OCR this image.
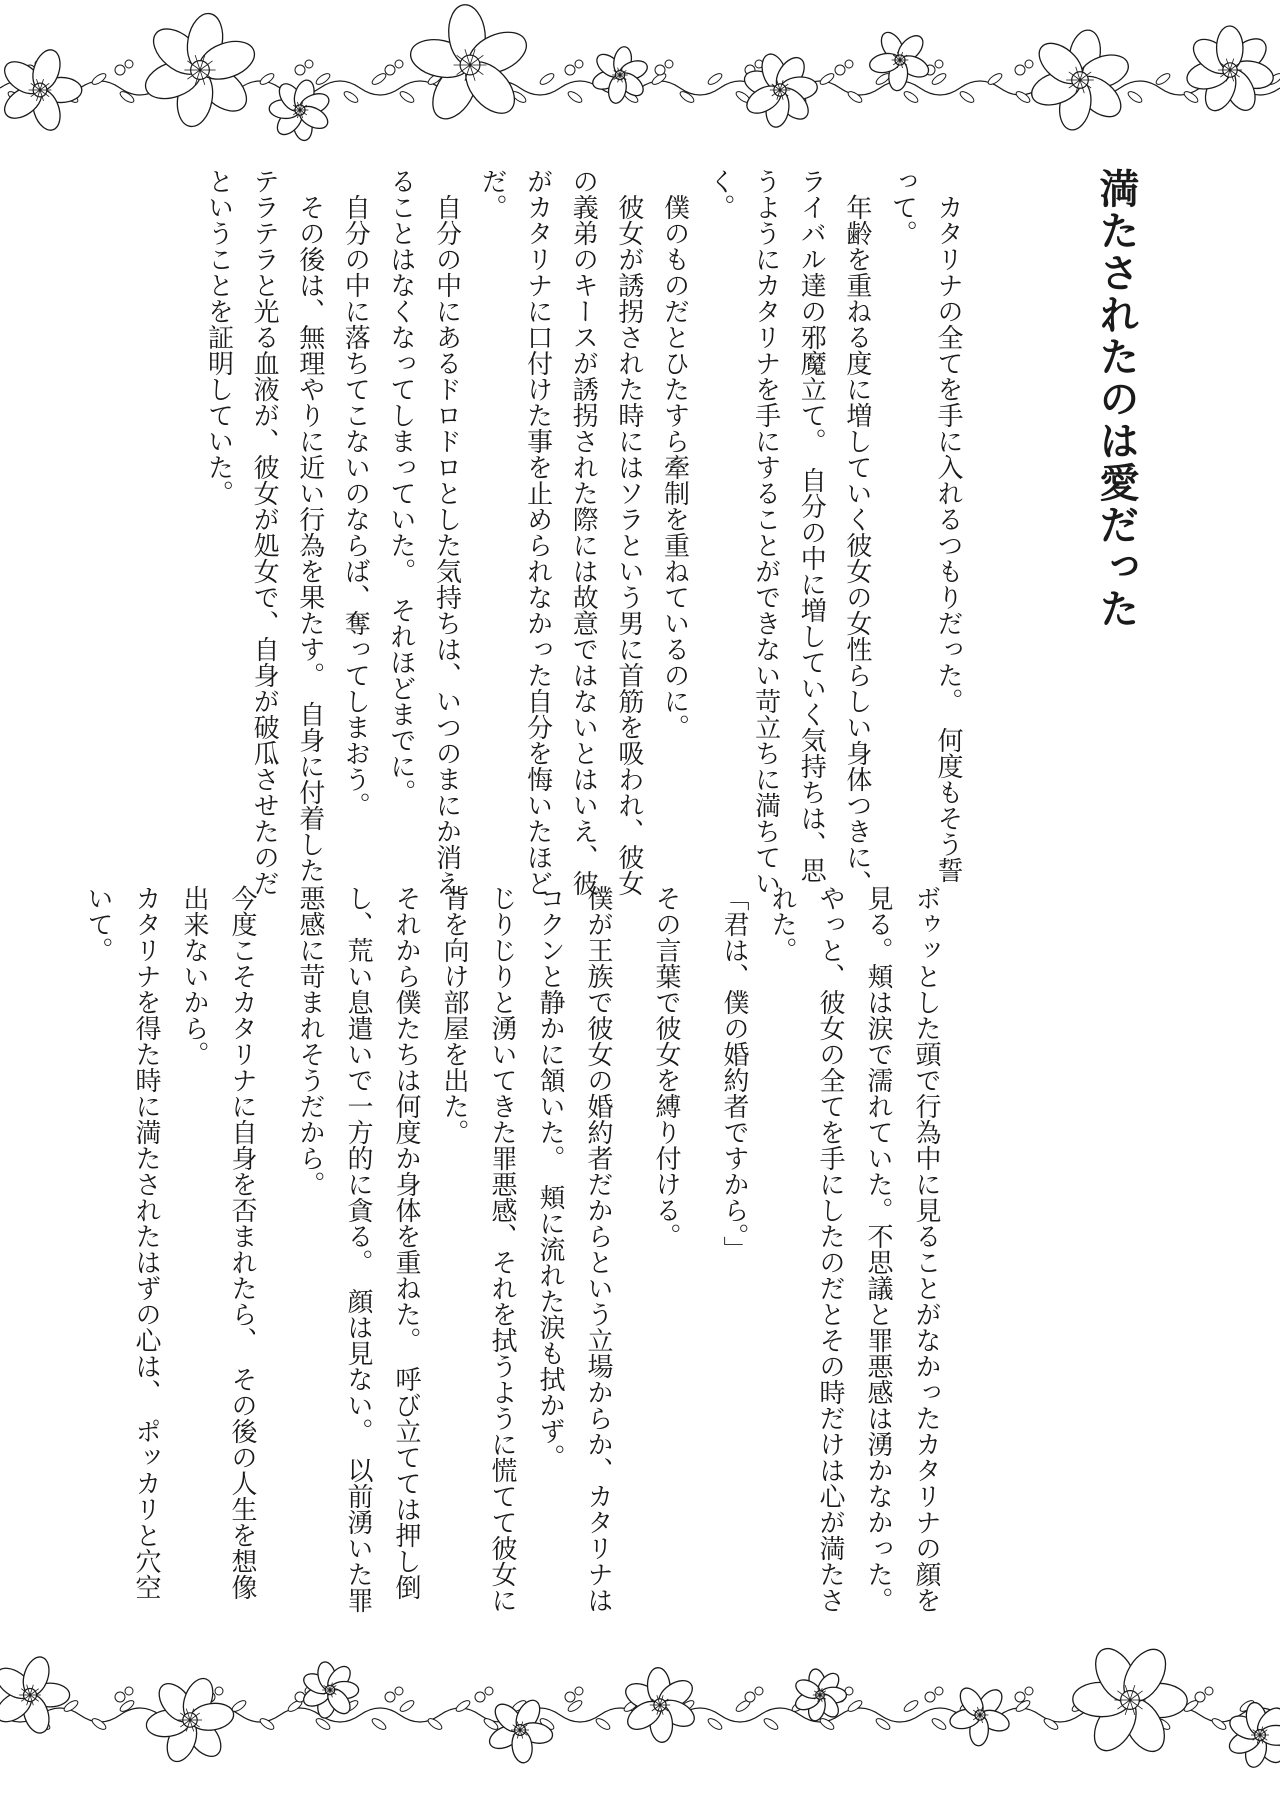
満たされたのは愛だった

カタリナの全てを手に入れるつもりだった。　何度もそう誓って。

年齢を重ねる度に増していく彼女の女性らしい身体つきに、ライバル達の邪魔立て。　自分の中に増していく気持ちは、思うようにカタリナを手にすることができない苛立ちに満ちていく。

僕のものだとひたすら牽制を重ねているのに。

彼女が誘拐された時にはソラという男に首筋を吸われ、彼女の義弟のキースが誘拐された際には故意ではないとはいえ、彼がカタリナに口付けた事を止められなかった自分を悔いたほどだ。

自分の中にあるドロドロとした気持ちは、いつのまにか消えることはなくなってしまっていた。　それほどまでに。

自分の中に落ちてこないのならば、奪ってしまおう。

その後は、無理やりに近い行為を果たす。　自身に付着したテラテラと光る血液が、彼女が処女で、自身が破瓜させたのだということを証明していた。

ボゥッとした頭で行為中に見ることがなかったカタリナの顔を見る。頬は涙で濡れていた。不思議と罪悪感は湧かなかった。

やっと、彼女の全てを手にしたのだとその時だけは心が満たされた。

「君は、僕の婚約者ですから。」

その言葉で彼女を縛り付ける。

僕が王族で彼女の婚約者だからという立場からか、カタリナはコクンと静かに頷いた。　頬に流れた涙も拭かず。

じりじりと湧いてきた罪悪感、それを拭うように慌てて彼女に背を向け部屋を出た。

それから僕たちは何度か身体を重ねた。　呼び立てては押し倒し、荒い息遣いで一方的に貪る。　顔は見ない。　以前湧いた罪悪感に苛まれそうだから。

今度こそカタリナに自身を否まれたら、　その後の人生を想像出来ないから。

カタリナを得た時に満たされたはずの心は、　ポッカリと穴空いて。
